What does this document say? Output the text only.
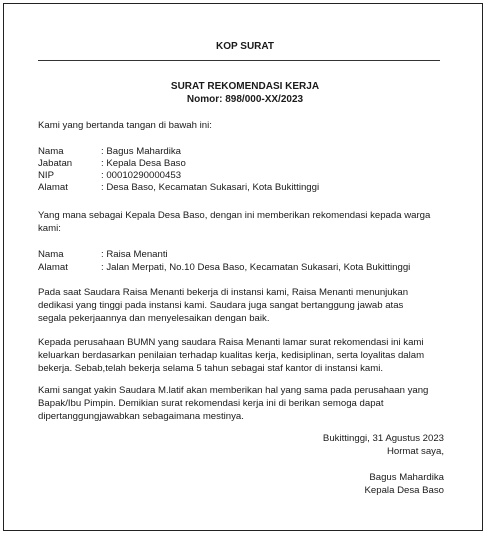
KOP SURAT
SURAT REKOMENDASI KERJA
Nomor: 898/000-XX/2023
Kami yang bertanda tangan di bawah ini:
Nama	: Bagus Mahardika
Jabatan	: Kepala Desa Baso
NIP	: 00010290000453
Alamat	: Desa Baso, Kecamatan Sukasari, Kota Bukittinggi
Yang mana sebagai Kepala Desa Baso, dengan ini memberikan rekomendasi kepada warga
kami:
Nama	: Raisa Menanti
Alamat	: Jalan Merpati, No.10 Desa Baso, Kecamatan Sukasari, Kota Bukittinggi
Pada saat Saudara Raisa Menanti bekerja di instansi kami, Raisa Menanti menunjukan
dedikasi yang tinggi pada instansi kami. Saudara juga sangat bertanggung jawab atas
segala pekerjaannya dan menyelesaikan dengan baik.
Kepada perusahaan BUMN yang saudara Raisa Menanti lamar surat rekomendasi ini kami
keluarkan berdasarkan penilaian terhadap kualitas kerja, kedisiplinan, serta loyalitas dalam
bekerja. Sebab,telah bekerja selama 5 tahun sebagai staf kantor di instansi kami.
Kami sangat yakin Saudara M.latif akan memberikan hal yang sama pada perusahaan yang
Bapak/Ibu Pimpin. Demikian surat rekomendasi kerja ini di berikan semoga dapat
dipertanggungjawabkan sebagaimana mestinya.
Bukittinggi, 31 Agustus 2023
Hormat saya,
Bagus Mahardika
Kepala Desa Baso
